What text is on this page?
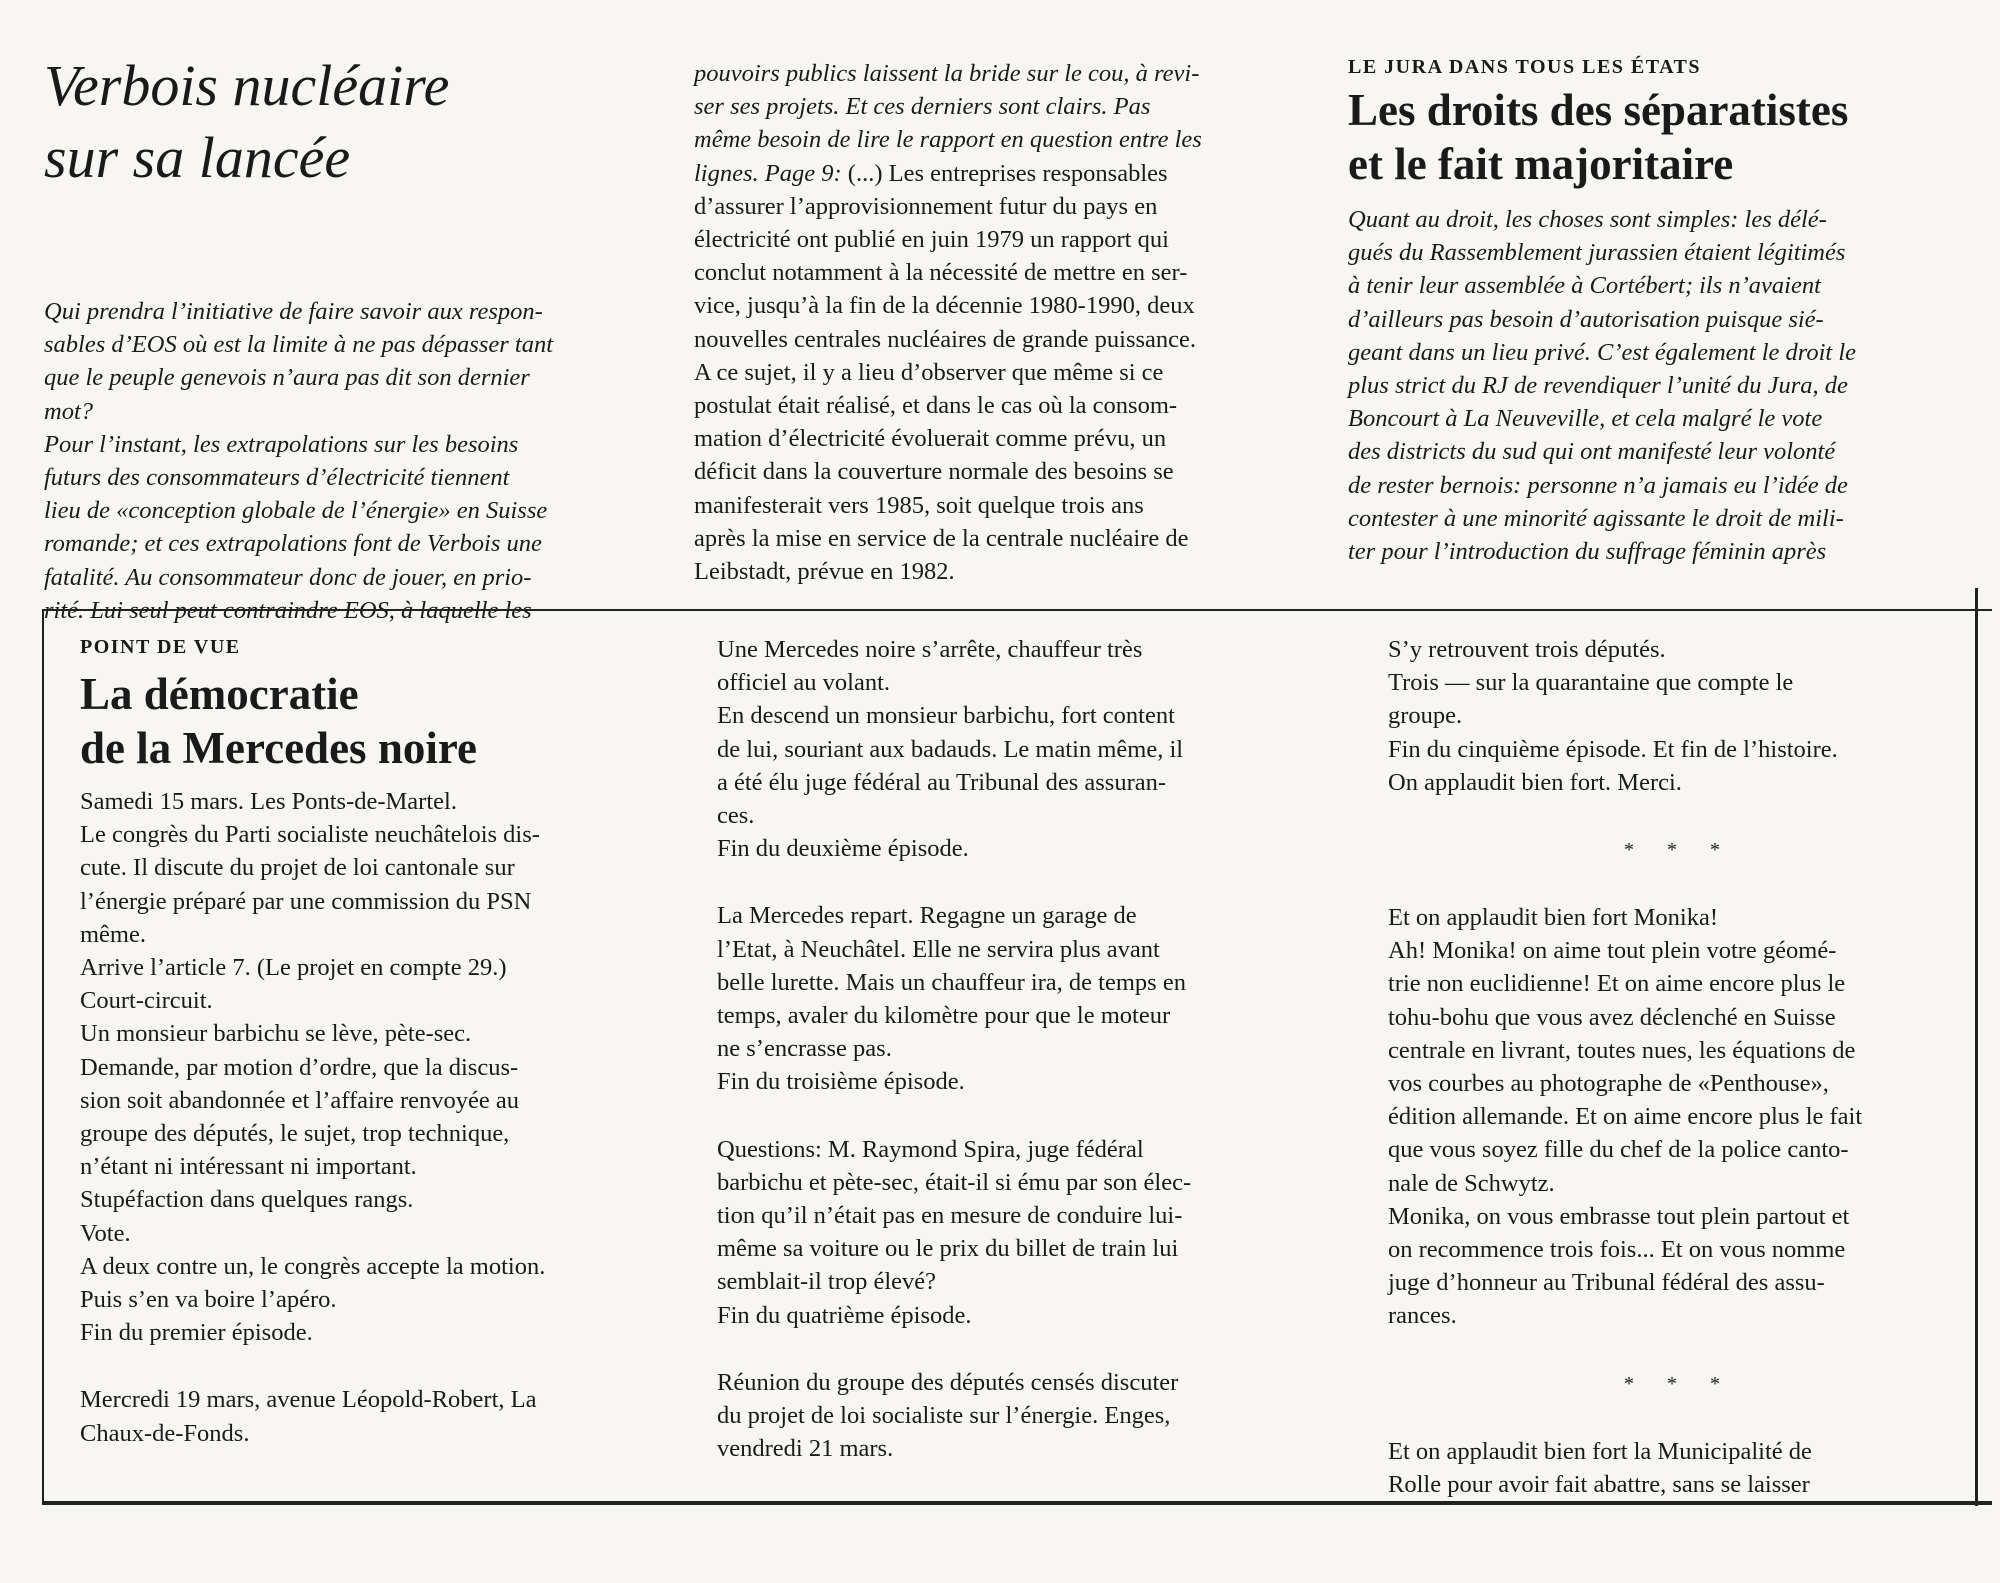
Verbois nucléaire
sur sa lancée

Qui prendra l’initiative de faire savoir aux respon-

sables d’EOS où est la limite à ne pas dépasser tant

que le peuple genevois n’aura pas dit son dernier

mot?

Pour l’instant, les extrapolations sur les besoins

futurs des consommateurs d’électricité tiennent

lieu de «conception globale de l’énergie» en Suisse

romande; et ces extrapolations font de Verbois une

fatalité. Au consommateur donc de jouer, en prio-

rité. Lui seul peut contraindre EOS, à laquelle les

pouvoirs publics laissent la bride sur le cou, à revi-

ser ses projets. Et ces derniers sont clairs. Pas

même besoin de lire le rapport en question entre les

lignes. Page 9: (...) Les entreprises responsables

d’assurer l’approvisionnement futur du pays en

électricité ont publié en juin 1979 un rapport qui

conclut notamment à la nécessité de mettre en ser-

vice, jusqu’à la fin de la décennie 1980-1990, deux

nouvelles centrales nucléaires de grande puissance.

A ce sujet, il y a lieu d’observer que même si ce

postulat était réalisé, et dans le cas où la consom-

mation d’électricité évoluerait comme prévu, un

déficit dans la couverture normale des besoins se

manifesterait vers 1985, soit quelque trois ans

après la mise en service de la centrale nucléaire de

Leibstadt, prévue en 1982.

LE JURA DANS TOUS LES ÉTATS

Les droits des séparatistes
et le fait majoritaire

Quant au droit, les choses sont simples: les délé-

gués du Rassemblement jurassien étaient légitimés

à tenir leur assemblée à Cortébert; ils n’avaient

d’ailleurs pas besoin d’autorisation puisque sié-

geant dans un lieu privé. C’est également le droit le

plus strict du RJ de revendiquer l’unité du Jura, de

Boncourt à La Neuveville, et cela malgré le vote

des districts du sud qui ont manifesté leur volonté

de rester bernois: personne n’a jamais eu l’idée de

contester à une minorité agissante le droit de mili-

ter pour l’introduction du suffrage féminin après

POINT DE VUE

La démocratie
de la Mercedes noire

Samedi 15 mars. Les Ponts-de-Martel.

Le congrès du Parti socialiste neuchâtelois dis-

cute. Il discute du projet de loi cantonale sur

l’énergie préparé par une commission du PSN

même.

Arrive l’article 7. (Le projet en compte 29.)

Court-circuit.

Un monsieur barbichu se lève, pète-sec.

Demande, par motion d’ordre, que la discus-

sion soit abandonnée et l’affaire renvoyée au

groupe des députés, le sujet, trop technique,

n’étant ni intéressant ni important.

Stupéfaction dans quelques rangs.

Vote.

A deux contre un, le congrès accepte la motion.

Puis s’en va boire l’apéro.

Fin du premier épisode.

Mercredi 19 mars, avenue Léopold-Robert, La

Chaux-de-Fonds.

Une Mercedes noire s’arrête, chauffeur très

officiel au volant.

En descend un monsieur barbichu, fort content

de lui, souriant aux badauds. Le matin même, il

a été élu juge fédéral au Tribunal des assuran-

ces.

Fin du deuxième épisode.

La Mercedes repart. Regagne un garage de

l’Etat, à Neuchâtel. Elle ne servira plus avant

belle lurette. Mais un chauffeur ira, de temps en

temps, avaler du kilomètre pour que le moteur

ne s’encrasse pas.

Fin du troisième épisode.

Questions: M. Raymond Spira, juge fédéral

barbichu et pète-sec, était-il si ému par son élec-

tion qu’il n’était pas en mesure de conduire lui-

même sa voiture ou le prix du billet de train lui

semblait-il trop élevé?

Fin du quatrième épisode.

Réunion du groupe des députés censés discuter

du projet de loi socialiste sur l’énergie. Enges,

vendredi 21 mars.

S’y retrouvent trois députés.

Trois — sur la quarantaine que compte le

groupe.

Fin du cinquième épisode. Et fin de l’histoire.

On applaudit bien fort. Merci.

* * *

Et on applaudit bien fort Monika!

Ah! Monika! on aime tout plein votre géomé-

trie non euclidienne! Et on aime encore plus le

tohu-bohu que vous avez déclenché en Suisse

centrale en livrant, toutes nues, les équations de

vos courbes au photographe de «Penthouse»,

édition allemande. Et on aime encore plus le fait

que vous soyez fille du chef de la police canto-

nale de Schwytz.

Monika, on vous embrasse tout plein partout et

on recommence trois fois... Et on vous nomme

juge d’honneur au Tribunal fédéral des assu-

rances.

* * *

Et on applaudit bien fort la Municipalité de

Rolle pour avoir fait abattre, sans se laisser
